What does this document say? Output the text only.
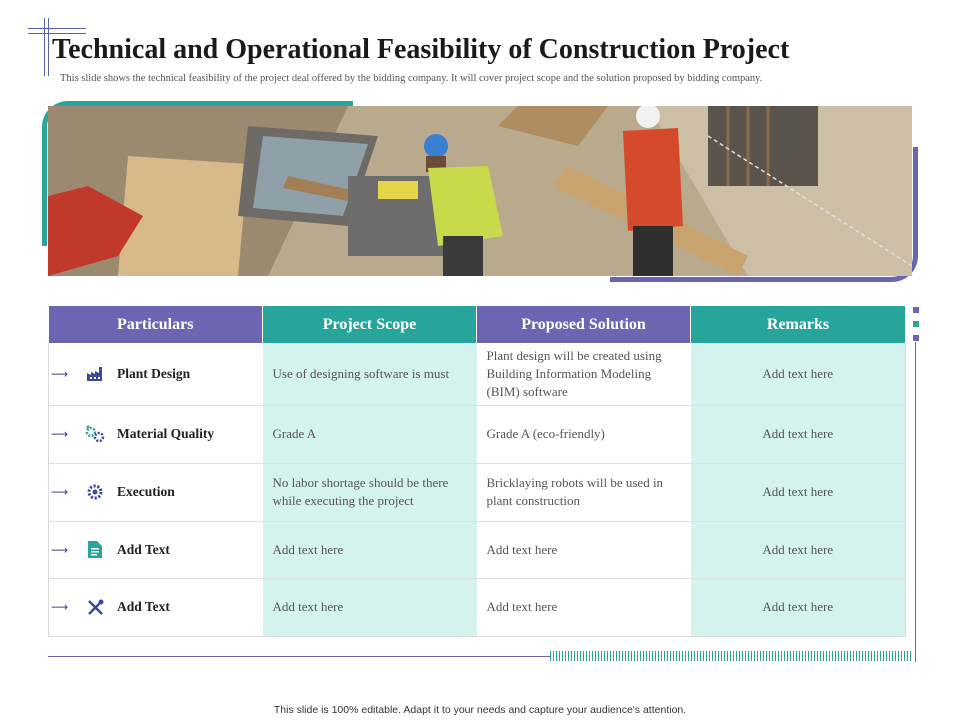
Technical and Operational Feasibility of Construction Project
This slide shows the technical feasibility of the project deal offered by the bidding company. It will cover project scope and the solution proposed by bidding company.
Particulars	Project Scope	Proposed Solution	Remarks

⟶ Plant Design	Use of designing software is must	Plant design will be created using Building Information Modeling (BIM) software	Add text here

⟶ Material Quality	Grade A	Grade A (eco-friendly)	Add text here

⟶ Execution	No labor shortage should be there while executing the project	Bricklaying robots will be used in plant construction	Add text here

⟶ Add Text	Add text here	Add text here	Add text here

⟶ Add Text	Add text here	Add text here	Add text here
This slide is 100% editable. Adapt it to your needs and capture your audience's attention.
